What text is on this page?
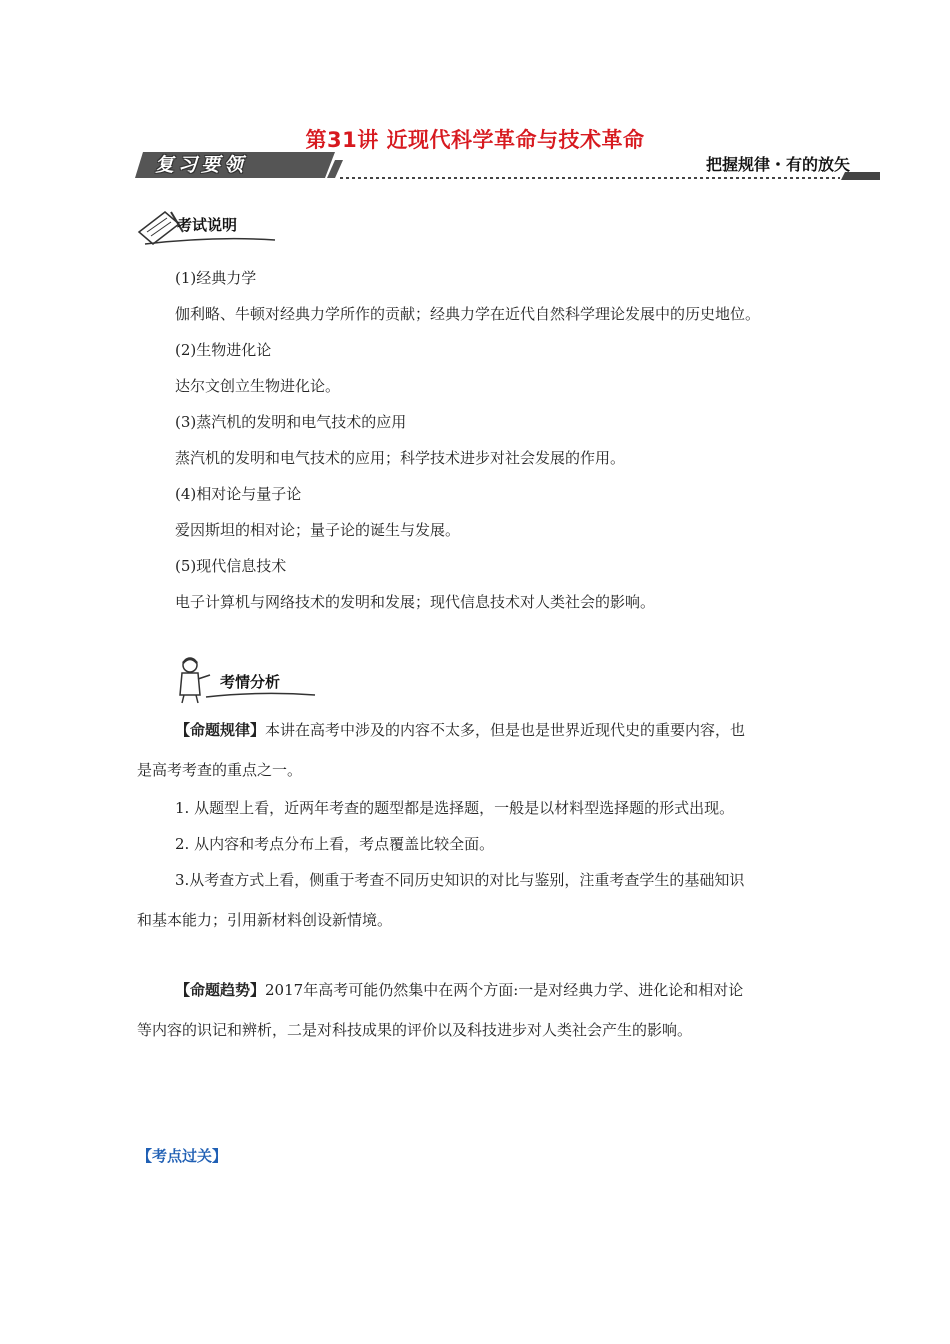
第31讲 近现代科学革命与技术革命
复习要领	把握规律・有的放矢
考试说明
(1)经典力学
伽利略、牛顿对经典力学所作的贡献；经典力学在近代自然科学理论发展中的历史地位。
(2)生物进化论
达尔文创立生物进化论。
(3)蒸汽机的发明和电气技术的应用
蒸汽机的发明和电气技术的应用；科学技术进步对社会发展的作用。
(4)相对论与量子论
爱因斯坦的相对论；量子论的诞生与发展。
(5)现代信息技术
电子计算机与网络技术的发明和发展；现代信息技术对人类社会的影响。
考情分析
【命题规律】本讲在高考中涉及的内容不太多，但是也是世界近现代史的重要内容，也
是高考考查的重点之一。
1. 从题型上看，近两年考查的题型都是选择题，一般是以材料型选择题的形式出现。
2. 从内容和考点分布上看，考点覆盖比较全面。
3.从考查方式上看，侧重于考查不同历史知识的对比与鉴别，注重考查学生的基础知识
和基本能力；引用新材料创设新情境。
【命题趋势】2017年高考可能仍然集中在两个方面:一是对经典力学、进化论和相对论
等内容的识记和辨析，二是对科技成果的评价以及科技进步对人类社会产生的影响。
【考点过关】
